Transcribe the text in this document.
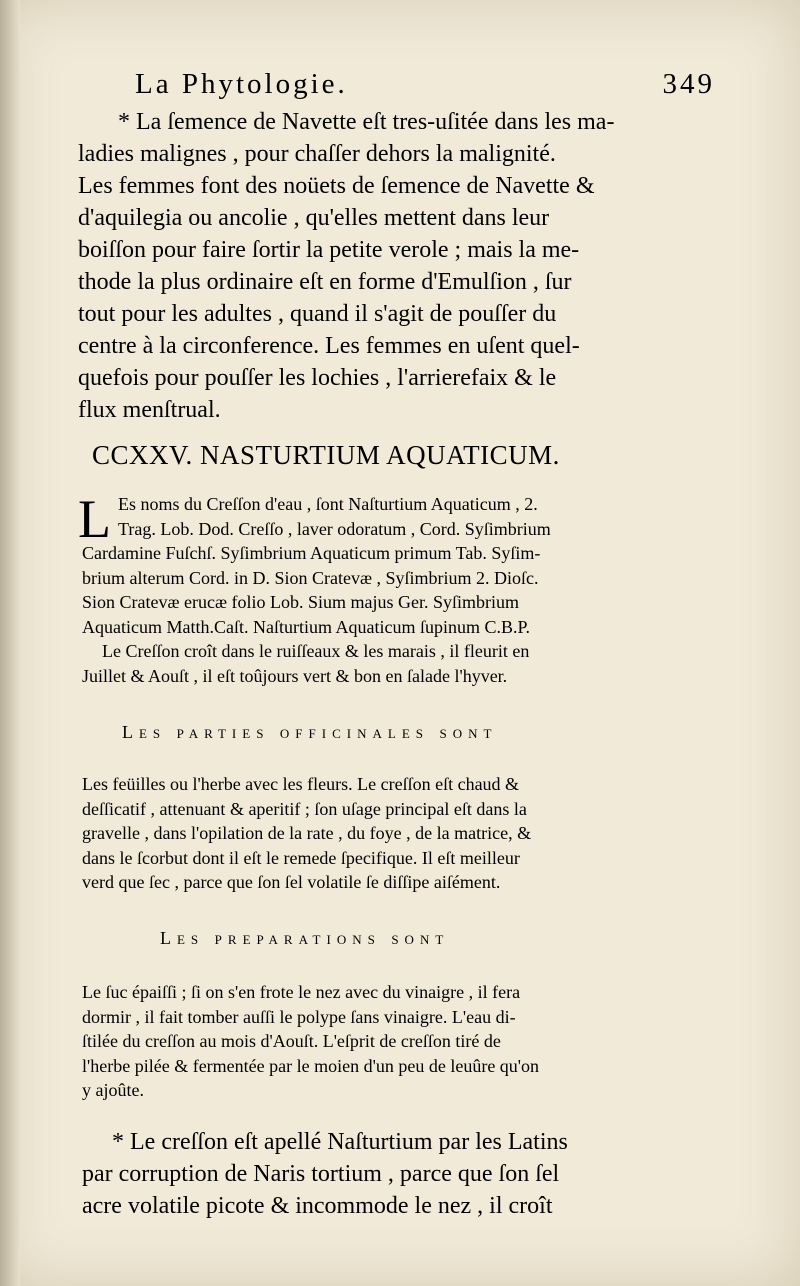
La Phytologie.	349
* La ſemence de Navette eſt tres-uſitée dans les ma-
ladies malignes , pour chaſſer dehors la malignité.
Les femmes font des noüets de ſemence de Navette &
d'aquilegia ou ancolie , qu'elles mettent dans leur
boiſſon pour faire ſortir la petite verole ; mais la me-
thode la plus ordinaire eſt en forme d'Emulſion , ſur
tout pour les adultes , quand il s'agit de pouſſer du
centre à la circonference. Les femmes en uſent quel-
quefois pour pouſſer les lochies , l'arrierefaix & le
flux menſtrual.
CCXXV. NASTURTIUM AQUATICUM.
L Es noms du Creſſon d'eau , ſont Naſturtium Aquaticum , 2.
Trag. Lob. Dod. Creſſo , laver odoratum , Cord. Syſimbrium
Cardamine Fuſchſ. Syſimbrium Aquaticum primum Tab. Syſim-
brium alterum Cord. in D. Sion Cratevæ , Syſimbrium 2. Dioſc.
Sion Cratevæ erucæ folio Lob. Sium majus Ger. Syſimbrium
Aquaticum Matth.Caſt. Naſturtium Aquaticum ſupinum C.B.P.
Le Creſſon croît dans le ruiſſeaux & les marais , il fleurit en
Juillet & Aouſt , il eſt toûjours vert & bon en ſalade l'hyver.
Les parties officinales sont
Les feüilles ou l'herbe avec les fleurs. Le creſſon eſt chaud &
deſſicatif , attenuant & aperitif ; ſon uſage principal eſt dans la
gravelle , dans l'opilation de la rate , du foye , de la matrice, &
dans le ſcorbut dont il eſt le remede ſpecifique. Il eſt meilleur
verd que ſec , parce que ſon ſel volatile ſe diſſipe aiſément.
Les preparations sont
Le ſuc épaiſſi ; ſi on s'en frote le nez avec du vinaigre , il fera
dormir , il fait tomber auſſi le polype ſans vinaigre. L'eau di-
ſtilée du creſſon au mois d'Aouſt. L'eſprit de creſſon tiré de
l'herbe pilée & fermentée par le moien d'un peu de leuûre qu'on
y ajoûte.
* Le creſſon eſt apellé Naſturtium par les Latins
par corruption de Naris tortium , parce que ſon ſel
acre volatile picote & incommode le nez , il croît
